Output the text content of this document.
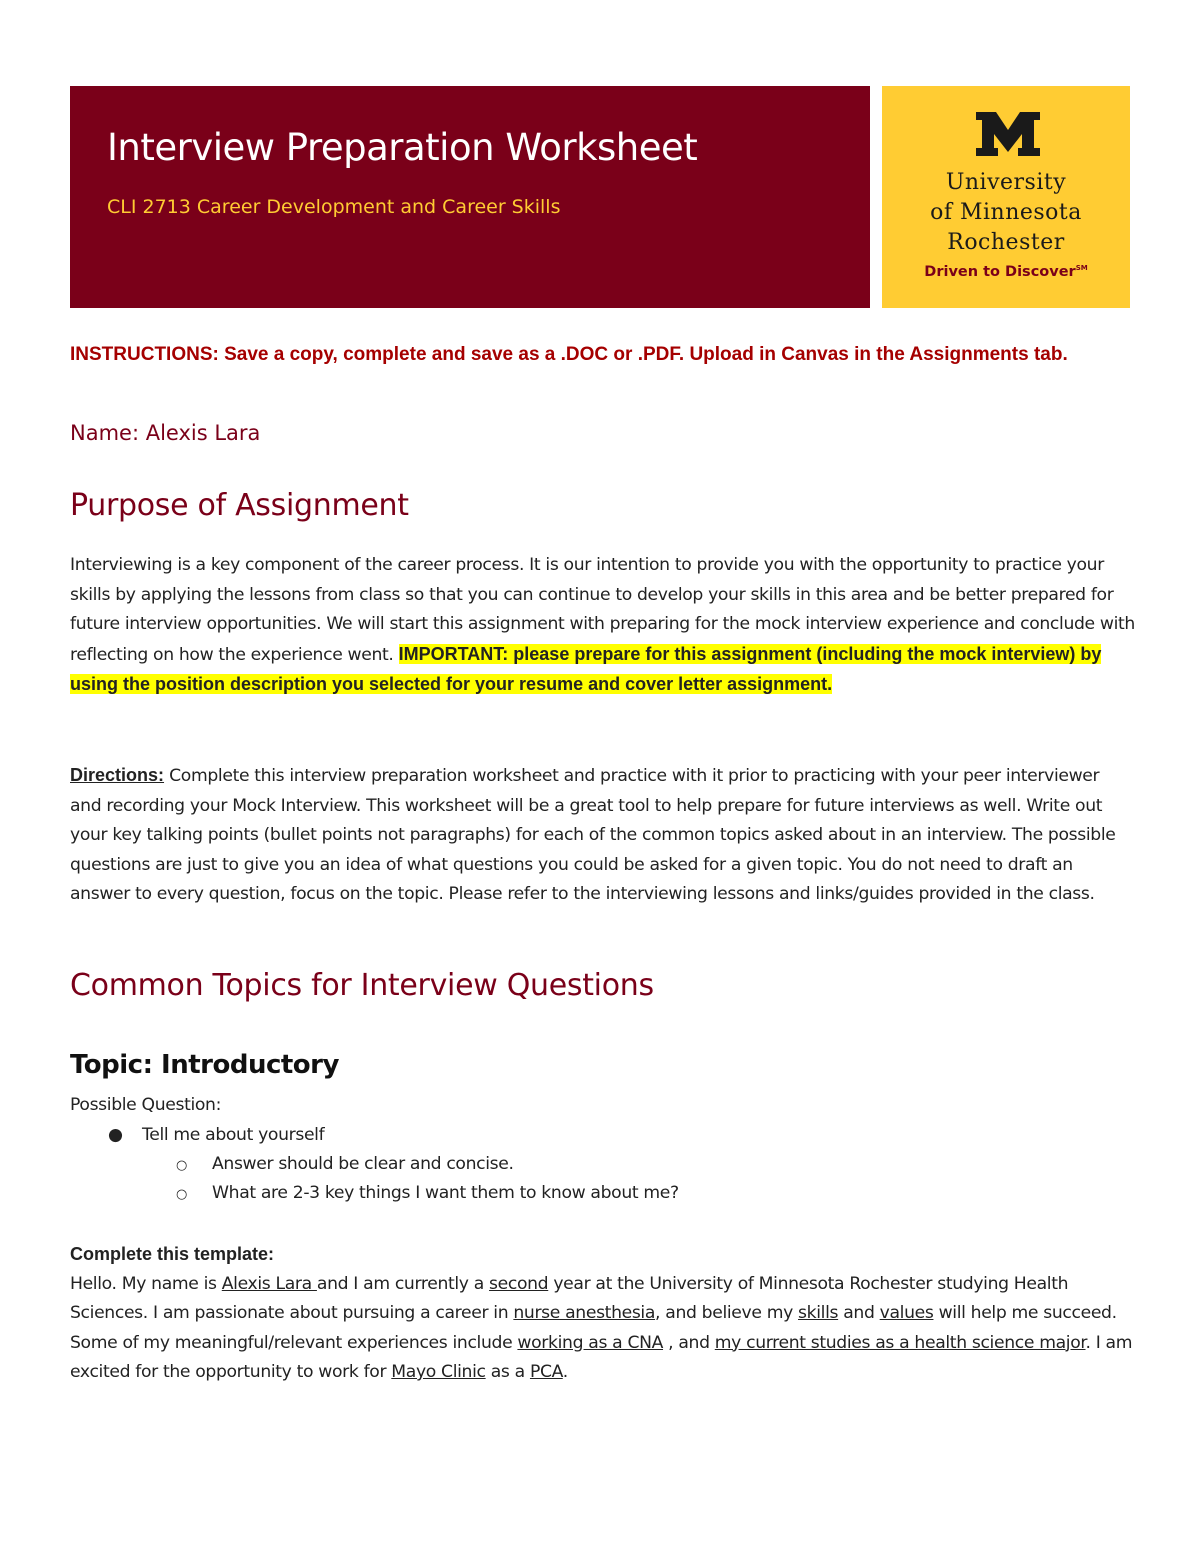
Interview Preparation Worksheet
CLI 2713 Career Development and Career Skills
University
of Minnesota
Rochester
Driven to Discover℠
INSTRUCTIONS: Save a copy, complete and save as a .DOC or .PDF. Upload in Canvas in the Assignments tab.
Name: Alexis Lara
Purpose of Assignment
Interviewing is a key component of the career process. It is our intention to provide you with the opportunity to practice your skills by applying the lessons from class so that you can continue to develop your skills in this area and be better prepared for future interview opportunities. We will start this assignment with preparing for the mock interview experience and conclude with reflecting on how the experience went. IMPORTANT: please prepare for this assignment (including the mock interview) by using the position description you selected for your resume and cover letter assignment.
Directions: Complete this interview preparation worksheet and practice with it prior to practicing with your peer interviewer and recording your Mock Interview. This worksheet will be a great tool to help prepare for future interviews as well. Write out your key talking points (bullet points not paragraphs) for each of the common topics asked about in an interview. The possible questions are just to give you an idea of what questions you could be asked for a given topic. You do not need to draft an answer to every question, focus on the topic. Please refer to the interviewing lessons and links/guides provided in the class.
Common Topics for Interview Questions
Topic: Introductory
Possible Question:
● Tell me about yourself
○ Answer should be clear and concise.
○ What are 2-3 key things I want them to know about me?
Complete this template:
Hello. My name is Alexis Lara and I am currently a second year at the University of Minnesota Rochester studying Health Sciences. I am passionate about pursuing a career in nurse anesthesia, and believe my skills and values will help me succeed. Some of my meaningful/relevant experiences include working as a CNA , and my current studies as a health science major. I am excited for the opportunity to work for Mayo Clinic as a PCA.
